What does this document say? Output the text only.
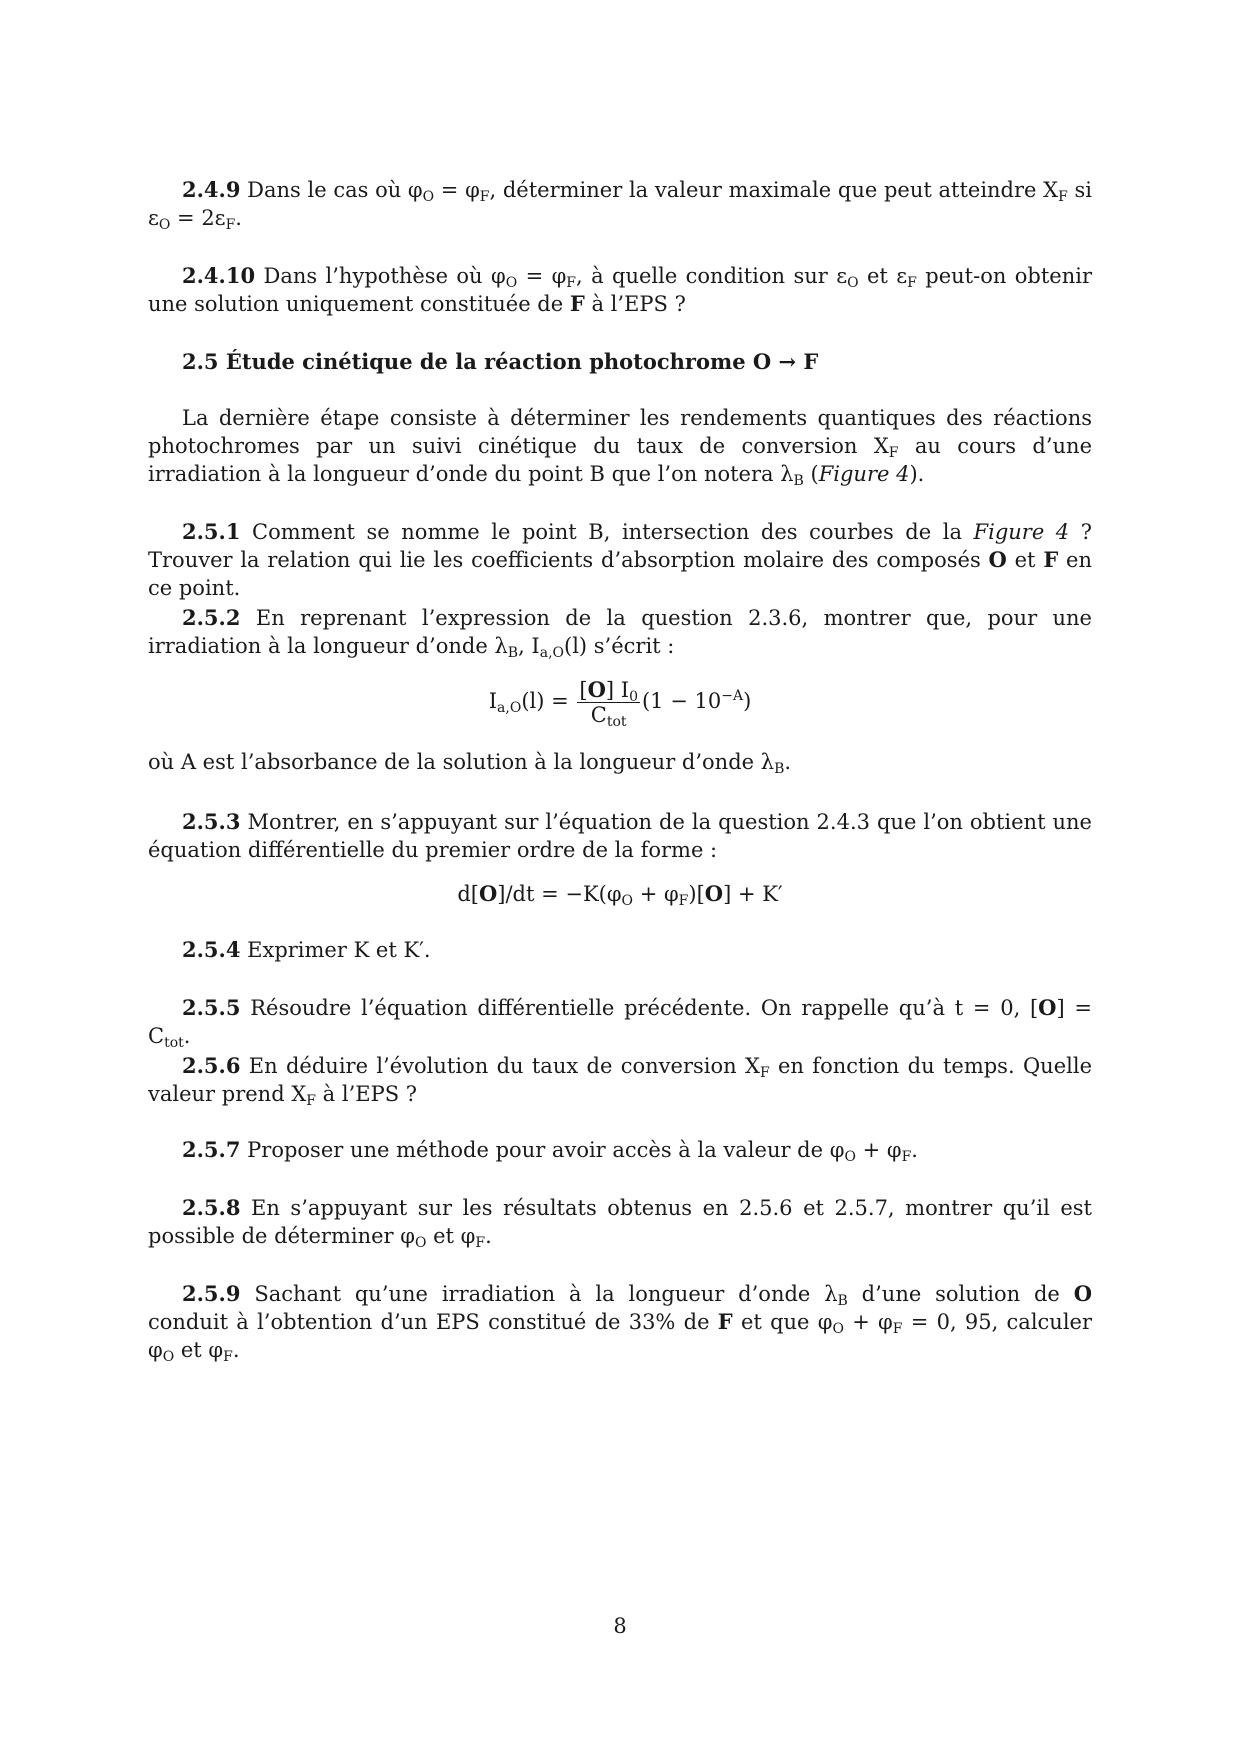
2.4.9 Dans le cas où $\varphi_O = \varphi_F$, déterminer la valeur maximale que peut atteindre $X_F$ si $\varepsilon_O = 2\varepsilon_F$.

2.4.10 Dans l’hypothèse où $\varphi_O = \varphi_F$, à quelle condition sur $\varepsilon_O$ et $\varepsilon_F$ peut-on obtenir une solution uniquement constituée de F à l’EPS ?

2.5 Étude cinétique de la réaction photochrome O → F

La dernière étape consiste à déterminer les rendements quantiques des réactions photochromes par un suivi cinétique du taux de conversion $X_F$ au cours d’une irradiation à la longueur d’onde du point B que l’on notera $\lambda_B$ (Figure 4).

2.5.1 Comment se nomme le point B, intersection des courbes de la Figure 4 ? Trouver la relation qui lie les coefficients d’absorption molaire des composés O et F en ce point.

2.5.2 En reprenant l’expression de la question 2.3.6, montrer que, pour une irradiation à la longueur d’onde $\lambda_B$, $I_{a,O}(l)$ s’écrit :

$I_{a,O}(l) = \frac{[O] I_0}{C_{tot}} (1 - 10^{-A})$

où A est l’absorbance de la solution à la longueur d’onde $\lambda_B$.

2.5.3 Montrer, en s’appuyant sur l’équation de la question 2.4.3 que l’on obtient une équation différentielle du premier ordre de la forme :

$d[O]/dt = -K(\varphi_O + \varphi_F)[O] + K'$

2.5.4 Exprimer K et K′.

2.5.5 Résoudre l’équation différentielle précédente. On rappelle qu’à t = 0, $[O] = C_{tot}$.

2.5.6 En déduire l’évolution du taux de conversion $X_F$ en fonction du temps. Quelle valeur prend $X_F$ à l’EPS ?

2.5.7 Proposer une méthode pour avoir accès à la valeur de $\varphi_O + \varphi_F$.

2.5.8 En s’appuyant sur les résultats obtenus en 2.5.6 et 2.5.7, montrer qu’il est possible de déterminer $\varphi_O$ et $\varphi_F$.

2.5.9 Sachant qu’une irradiation à la longueur d’onde $\lambda_B$ d’une solution de O conduit à l’obtention d’un EPS constitué de 33% de F et que $\varphi_O + \varphi_F = 0$, 95, calculer $\varphi_O$ et $\varphi_F$.

8
